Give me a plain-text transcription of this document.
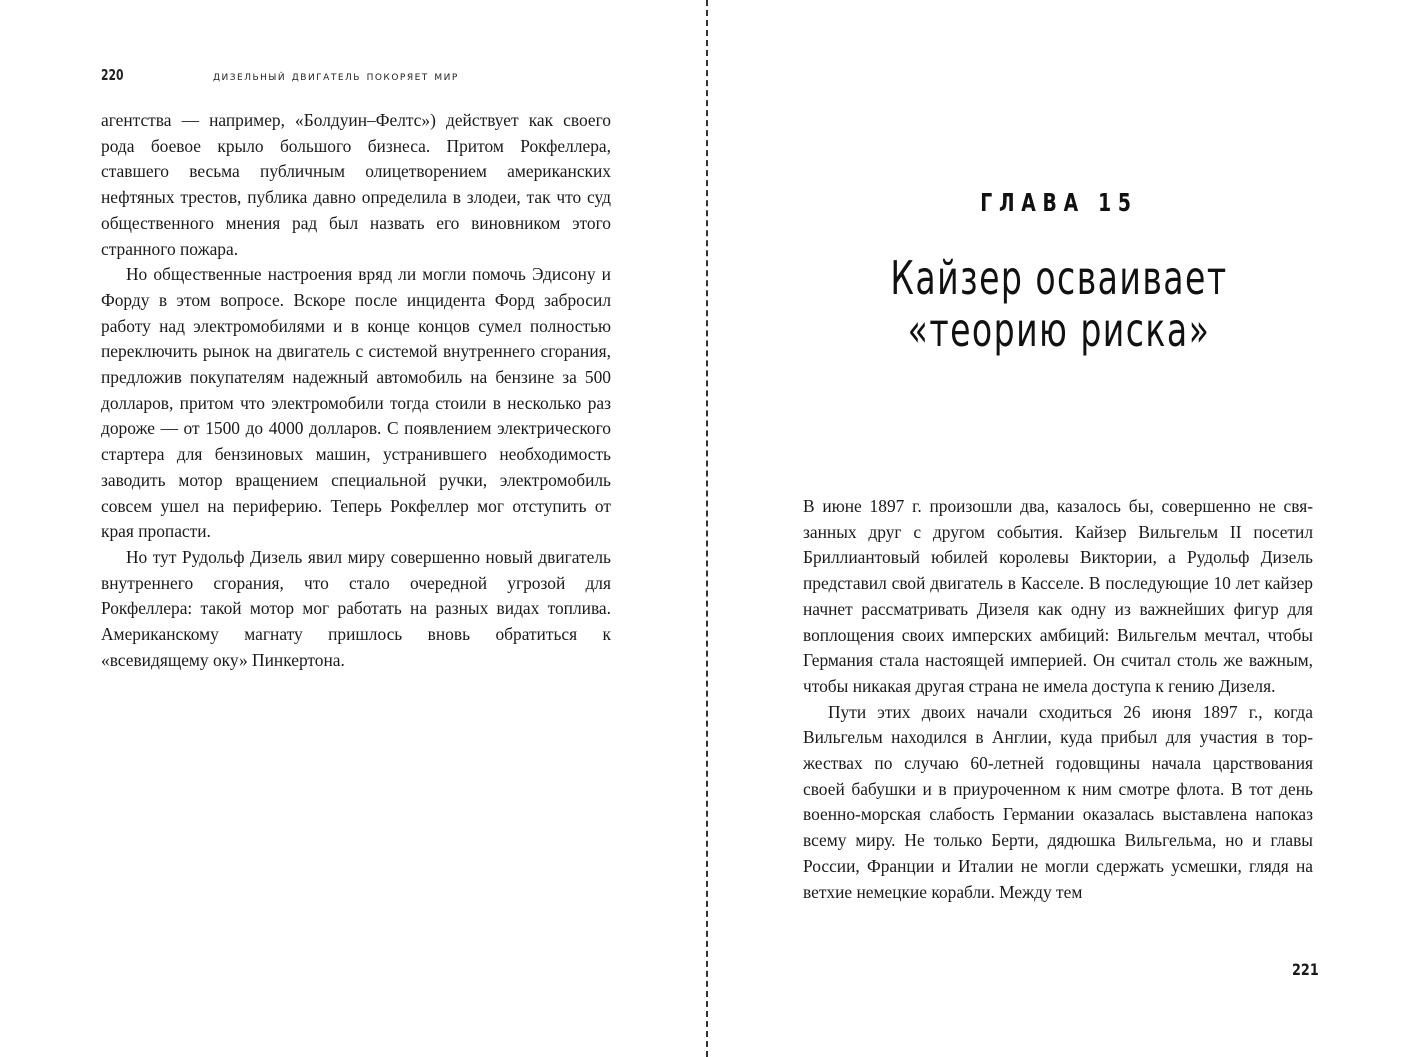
220	дизельный двигатель покоряет мир

агентства — например, «Болдуин–Фелтс») действует как своего рода боевое крыло большого бизнеса. Притом Рокфеллера, ставшего весьма публичным олицетворением американских нефтяных трестов, публика давно определила в злодеи, так что суд общественного мнения рад был назвать его виновником этого странного пожара.

Но общественные настроения вряд ли могли помочь Эдисону и Форду в этом вопросе. Вскоре после инцидента Форд забросил работу над электромобилями и в конце концов сумел полностью переключить рынок на двигатель с системой внутреннего сгорания, предложив покупателям надежный автомобиль на бензине за 500 долларов, притом что электромобили тогда стоили в несколько раз дороже — от 1500 до 4000 долларов. С появлением электрического стартера для бензиновых машин, устранившего необходимость заводить мотор вращением специальной ручки, электромобиль совсем ушел на периферию. Теперь Рокфеллер мог отступить от края пропасти.

Но тут Рудольф Дизель явил миру совершенно новый двигатель внутреннего сгорания, что стало очередной угрозой для Рокфеллера: такой мотор мог работать на разных видах топлива. Американскому магнату пришлось вновь обратиться к «всевидящему оку» Пинкертона.

ГЛАВА 15
Кайзер осваивает
«теорию риска»

В июне 1897 г. произошли два, казалось бы, совершенно не связанных друг с другом события. Кайзер Вильгельм II посетил Бриллиантовый юбилей королевы Виктории, а Рудольф Дизель представил свой двигатель в Касселе. В последующие 10 лет кайзер начнет рассматривать Дизеля как одну из важнейших фигур для воплощения своих имперских амбиций: Вильгельм мечтал, чтобы Германия стала настоящей империей. Он считал столь же важным, чтобы никакая другая страна не имела доступа к гению Дизеля.

Пути этих двоих начали сходиться 26 июня 1897 г., когда Вильгельм находился в Англии, куда прибыл для участия в торжествах по случаю 60-летней годовщины начала царствования своей бабушки и в приуроченном к ним смотре флота. В тот день военно-морская слабость Германии оказалась выставлена напоказ всему миру. Не только Берти, дядюшка Вильгельма, но и главы России, Франции и Италии не могли сдержать усмешки, глядя на ветхие немецкие корабли. Между тем

221
